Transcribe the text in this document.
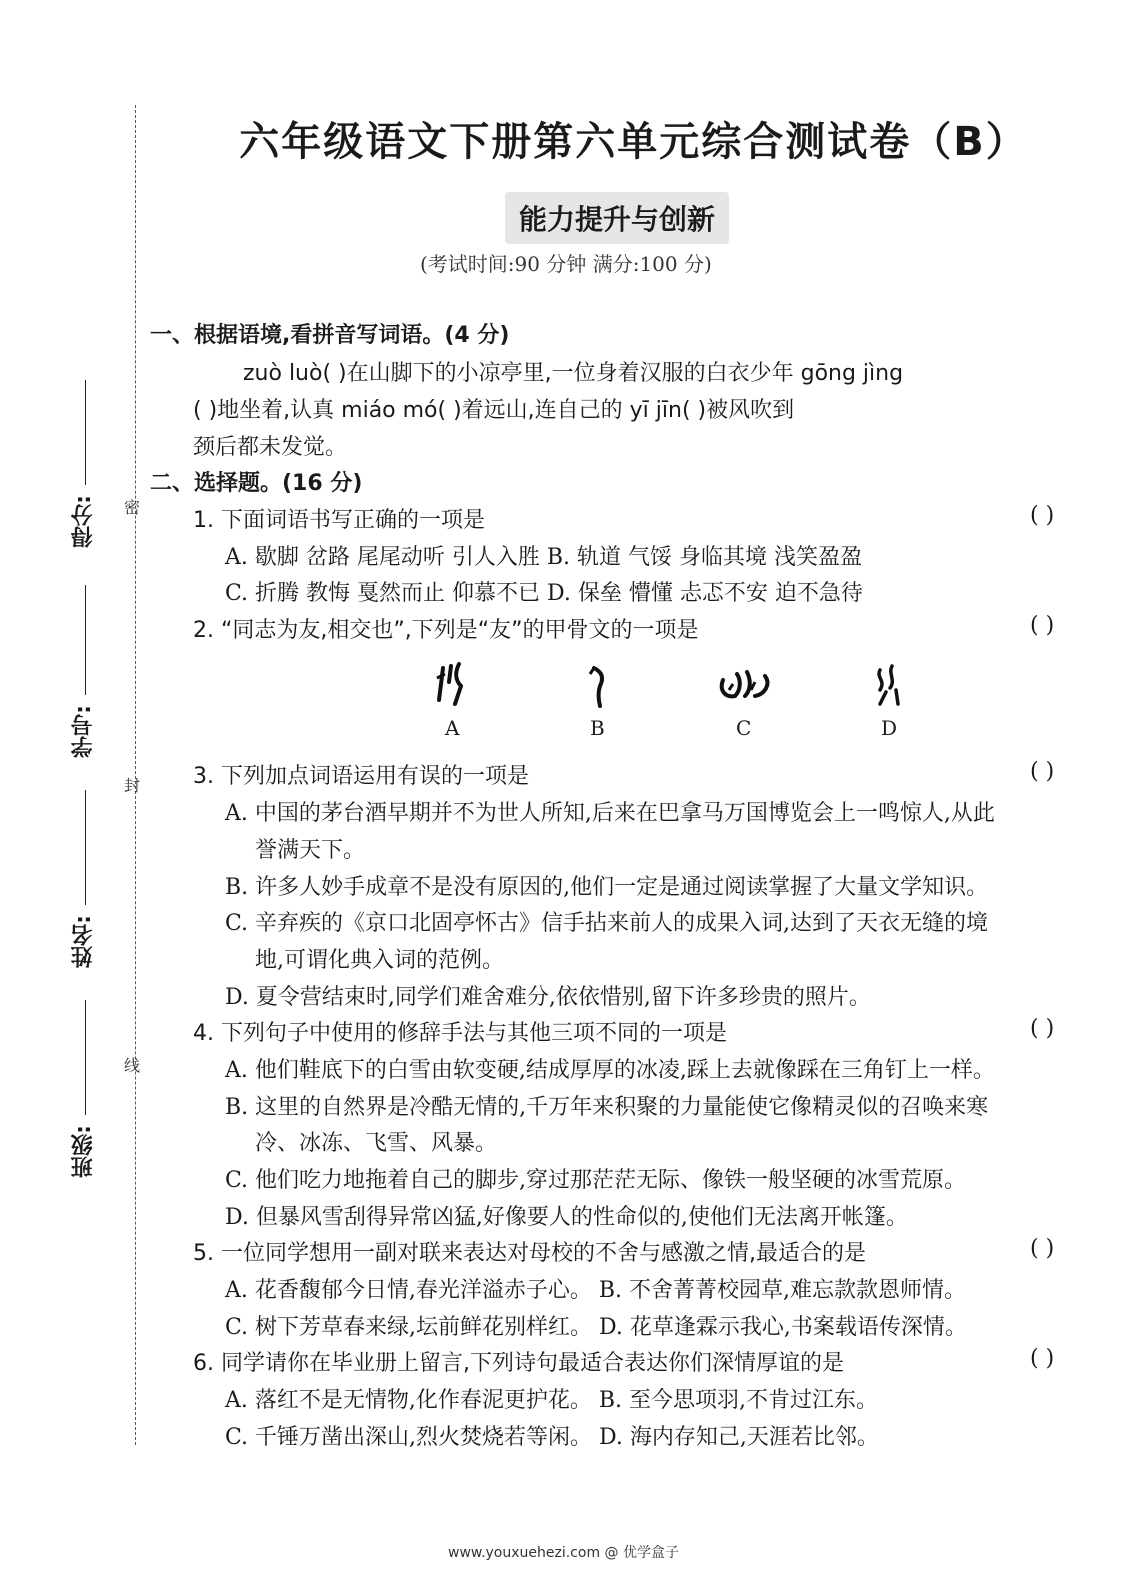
密
封
线
得分:
学号:
姓名:
班级:
六年级语文下册第六单元综合测试卷（B）
能力提升与创新
(考试时间:90 分钟 满分:100 分)
一、根据语境,看拼音写词语。(4 分)
zuò luò( )在山脚下的小凉亭里,一位身着汉服的白衣少年 gōng jìng
( )地坐着,认真 miáo mó( )着远山,连自己的 yī jīn( )被风吹到
颈后都未发觉。
二、选择题。(16 分)
1. 下面词语书写正确的一项是	( )
A. 歇脚 岔路 尾尾动听 引人入胜 B. 轨道 气馁 身临其境 浅笑盈盈
C. 折腾 教悔 戛然而止 仰慕不已 D. 保垒 懵懂 忐忑不安 迫不急待
2. “同志为友,相交也”,下列是“友”的甲骨文的一项是	( )
A	B	C	D
3. 下列加点词语运用有误的一项是	( )
A. 中国的茅台酒早期并不为世人所知,后来在巴拿马万国博览会上一鸣惊人,从此
誉满天下。
B. 许多人妙手成章不是没有原因的,他们一定是通过阅读掌握了大量文学知识。
C. 辛弃疾的《京口北固亭怀古》信手拈来前人的成果入词,达到了天衣无缝的境
地,可谓化典入词的范例。
D. 夏令营结束时,同学们难舍难分,依依惜别,留下许多珍贵的照片。
4. 下列句子中使用的修辞手法与其他三项不同的一项是	( )
A. 他们鞋底下的白雪由软变硬,结成厚厚的冰凌,踩上去就像踩在三角钉上一样。
B. 这里的自然界是冷酷无情的,千万年来积聚的力量能使它像精灵似的召唤来寒
冷、冰冻、飞雪、风暴。
C. 他们吃力地拖着自己的脚步,穿过那茫茫无际、像铁一般坚硬的冰雪荒原。
D. 但暴风雪刮得异常凶猛,好像要人的性命似的,使他们无法离开帐篷。
5. 一位同学想用一副对联来表达对母校的不舍与感激之情,最适合的是	( )
A. 花香馥郁今日情,春光洋溢赤子心。 B. 不舍菁菁校园草,难忘款款恩师情。
C. 树下芳草春来绿,坛前鲜花别样红。 D. 花草逢霖示我心,书案载语传深情。
6. 同学请你在毕业册上留言,下列诗句最适合表达你们深情厚谊的是	( )
A. 落红不是无情物,化作春泥更护花。 B. 至今思项羽,不肯过江东。
C. 千锤万凿出深山,烈火焚烧若等闲。 D. 海内存知己,天涯若比邻。
www.youxuehezi.com @ 优学盒子
